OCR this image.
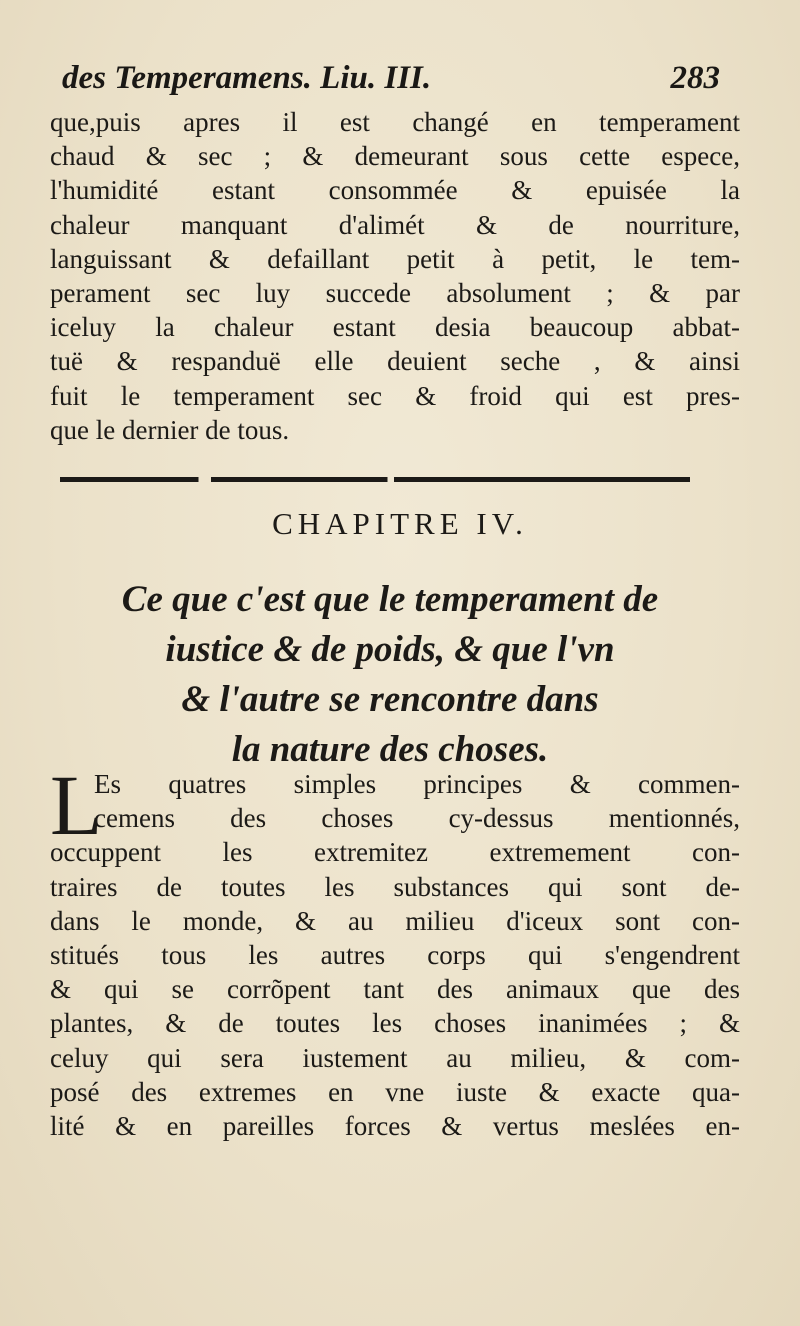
des Temperamens. Liu. III.	283
que,puis apres il est changé en temperament
chaud & sec ; & demeurant sous cette espece,
l'humidité estant consommée & epuisée la
chaleur manquant d'alimét & de nourriture,
languissant & defaillant petit à petit, le tem-
perament sec luy succede absolument ; & par
iceluy la chaleur estant desia beaucoup abbat-
tuë & respanduë elle deuient seche , & ainsi
fuit le temperament sec & froid qui est pres-
que le dernier de tous.
CHAPITRE IV.
Ce que c'est que le temperament de
iustice & de poids, & que l'vn
& l'autre se rencontre dans
la nature des choses.
L
Es quatres simples principes & commen-
cemens des choses cy-dessus mentionnés,
occuppent les extremitez extremement con-
traires de toutes les substances qui sont de-
dans le monde, & au milieu d'iceux sont con-
stitués tous les autres corps qui s'engendrent
& qui se corrõpent tant des animaux que des
plantes, & de toutes les choses inanimées ; &
celuy qui sera iustement au milieu, & com-
posé des extremes en vne iuste & exacte qua-
lité & en pareilles forces & vertus meslées en-
